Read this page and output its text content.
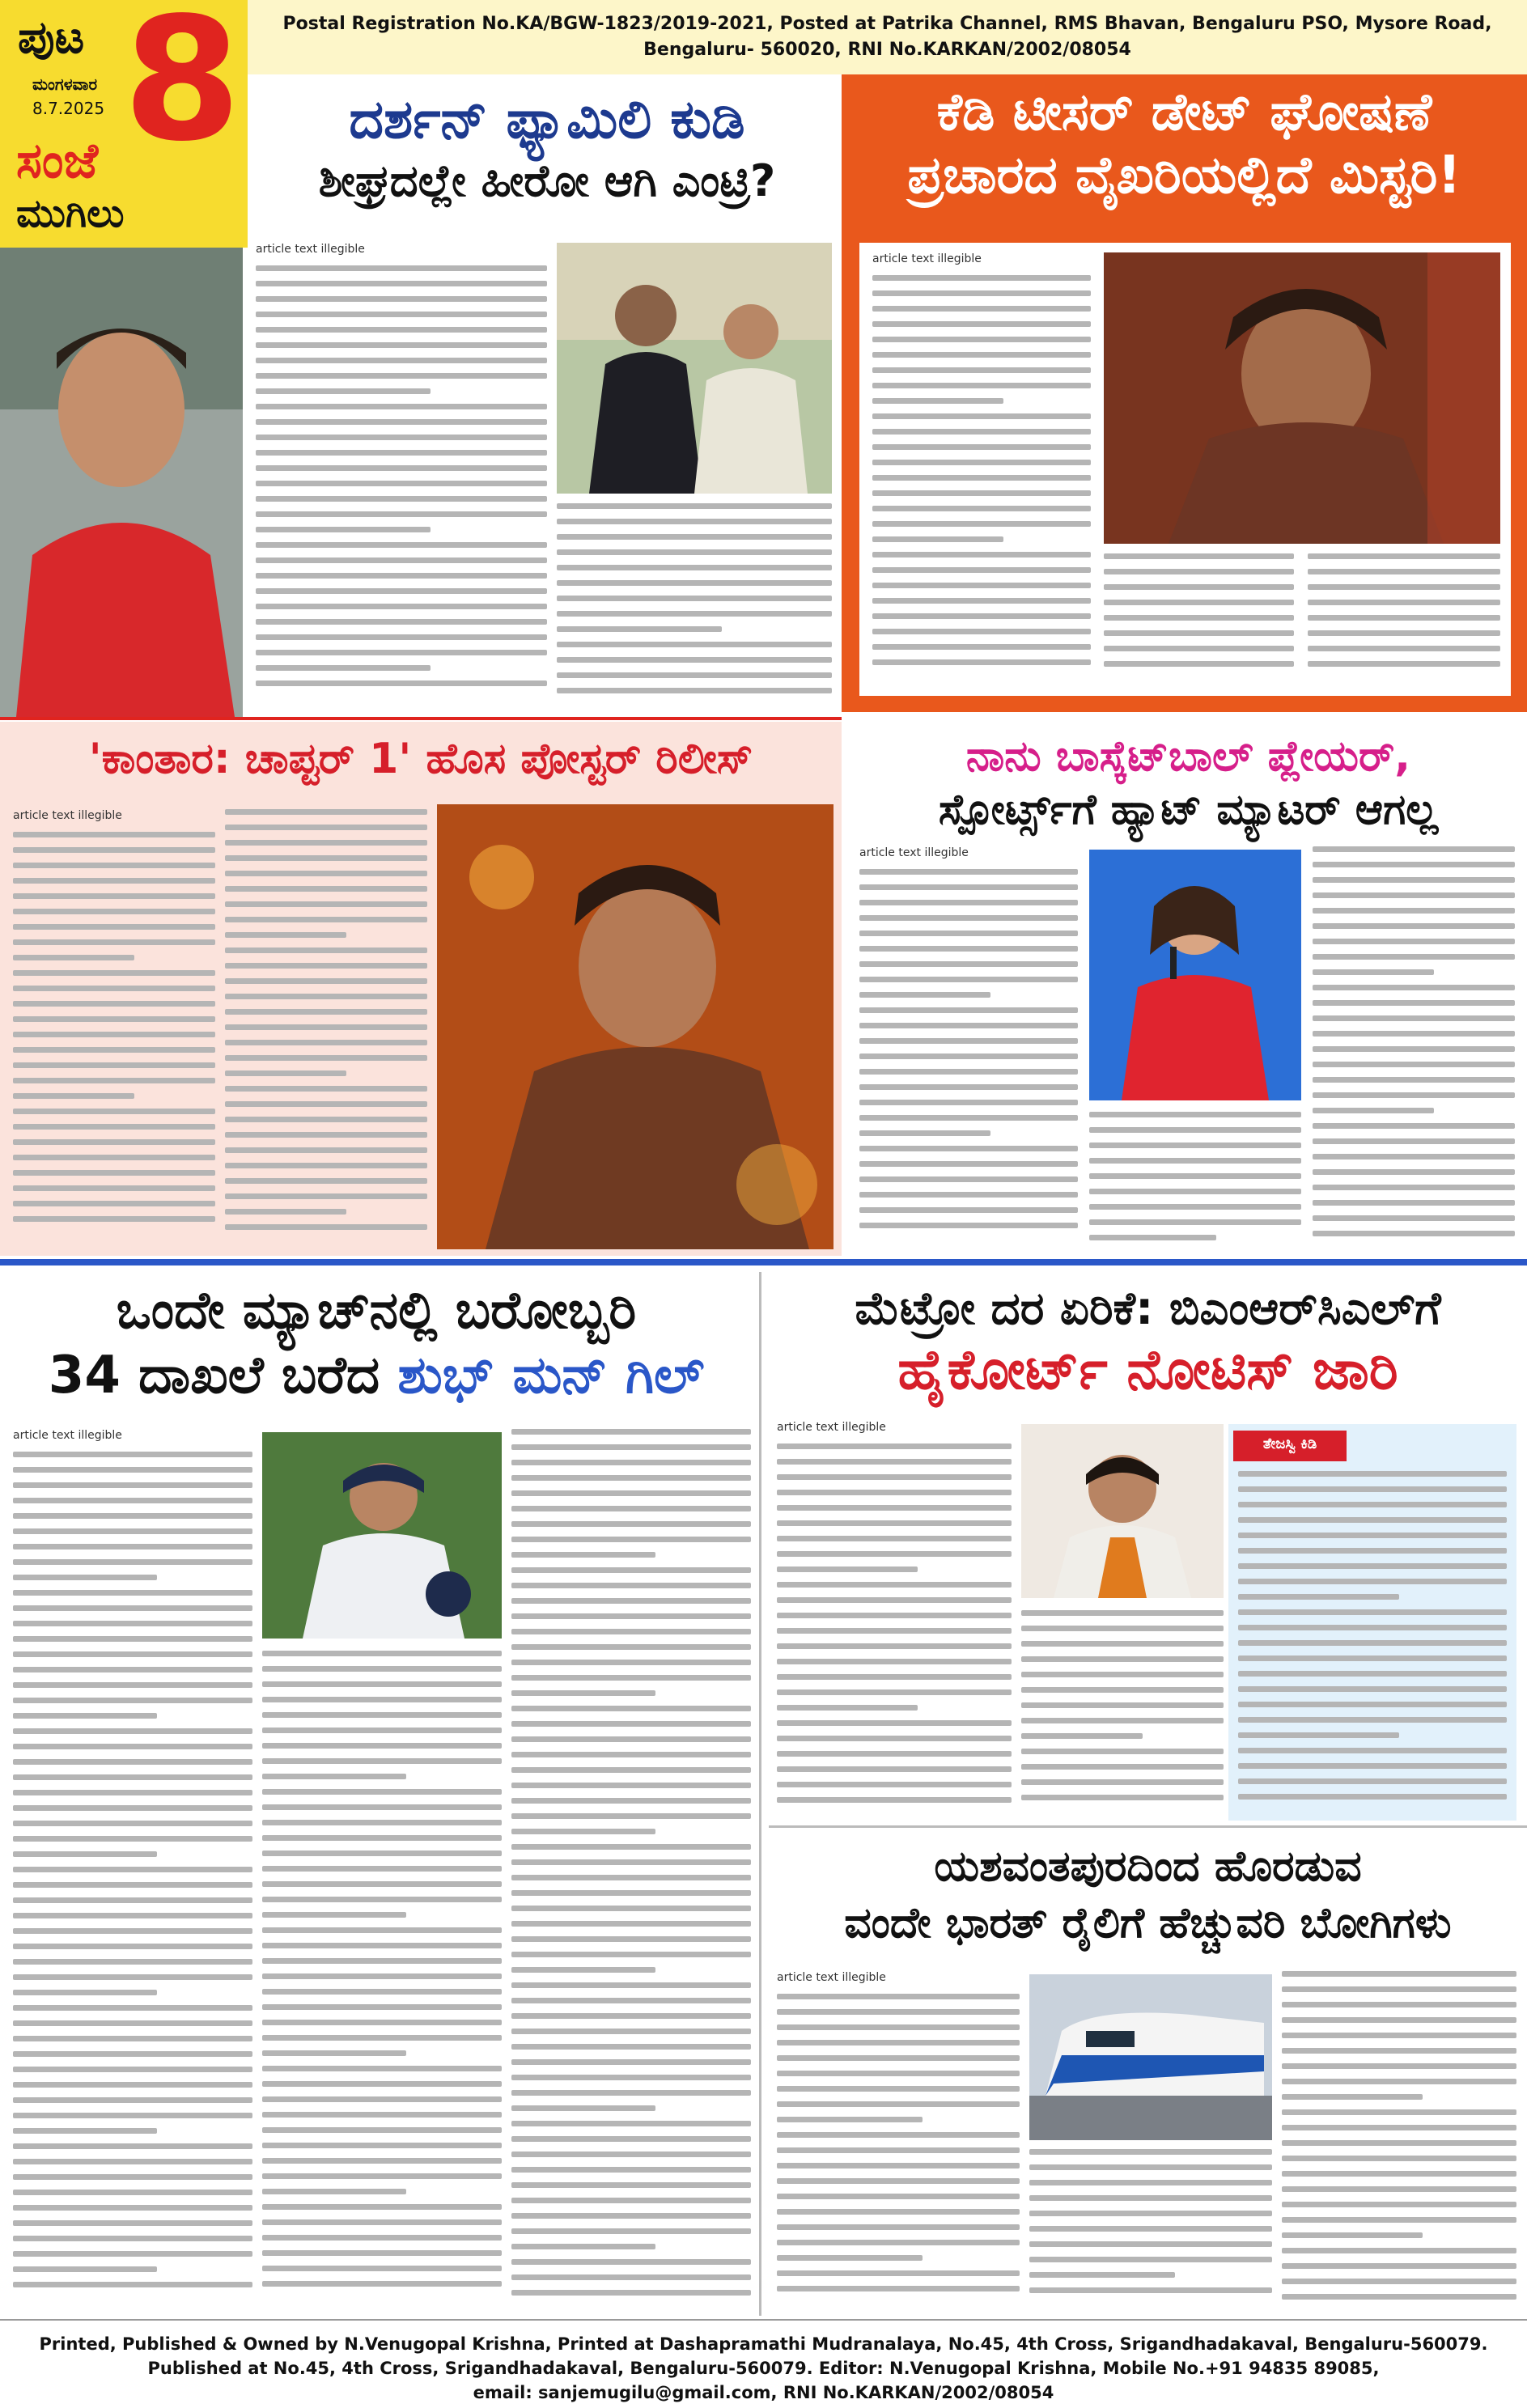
ಪುಟ 8
ಮಂಗಳವಾರ
8.7.2025
ಸಂಜೆ
ಮುಗಿಲು
Postal Registration No.KA/BGW-1823/2019-2021, Posted at Patrika Channel, RMS Bhavan, Bengaluru PSO, Mysore Road,
Bengaluru- 560020, RNI No.KARKAN/2002/08054
ದರ್ಶನ್ ಫ್ಯಾಮಿಲಿ ಕುಡಿ
ಶೀಘ್ರದಲ್ಲೇ ಹೀರೋ ಆಗಿ ಎಂಟ್ರಿ?
article text illegible
ಕೆಡಿ ಟೀಸರ್ ಡೇಟ್ ಘೋಷಣೆ
ಪ್ರಚಾರದ ವೈಖರಿಯಲ್ಲಿದೆ ಮಿಸ್ಟರಿ!
article text illegible
'ಕಾಂತಾರ: ಚಾಪ್ಟರ್ 1' ಹೊಸ ಪೋಸ್ಟರ್ ರಿಲೀಸ್
article text illegible
ನಾನು ಬಾಸ್ಕೆಟ್‌ಬಾಲ್ ಪ್ಲೇಯರ್,
ಸ್ಪೋರ್ಟ್ಸ್‌ಗೆ ಹ್ಯಾಟ್ ಮ್ಯಾಟರ್ ಆಗಲ್ಲ
article text illegible
ಒಂದೇ ಮ್ಯಾಚ್‌ನಲ್ಲಿ ಬರೋಬ್ಬರಿ
34 ದಾಖಲೆ ಬರೆದ ಶುಭ್ ಮನ್ ಗಿಲ್
article text illegible
ಮೆಟ್ರೋ ದರ ಏರಿಕೆ: ಬಿಎಂಆರ್‌ಸಿಎಲ್‌ಗೆ
ಹೈಕೋರ್ಟ್ ನೋಟಿಸ್ ಜಾರಿ
article text illegible
ತೇಜಸ್ವಿ ಕಿಡಿ
ಯಶವಂತಪುರದಿಂದ ಹೊರಡುವ
ವಂದೇ ಭಾರತ್ ರೈಲಿಗೆ ಹೆಚ್ಚುವರಿ ಬೋಗಿಗಳು
article text illegible
Printed, Published & Owned by N.Venugopal Krishna, Printed at Dashapramathi Mudranalaya, No.45, 4th Cross, Srigandhadakaval, Bengaluru-560079.
Published at No.45, 4th Cross, Srigandhadakaval, Bengaluru-560079. Editor: N.Venugopal Krishna, Mobile No.+91 94835 89085,
email: sanjemugilu@gmail.com, RNI No.KARKAN/2002/08054
